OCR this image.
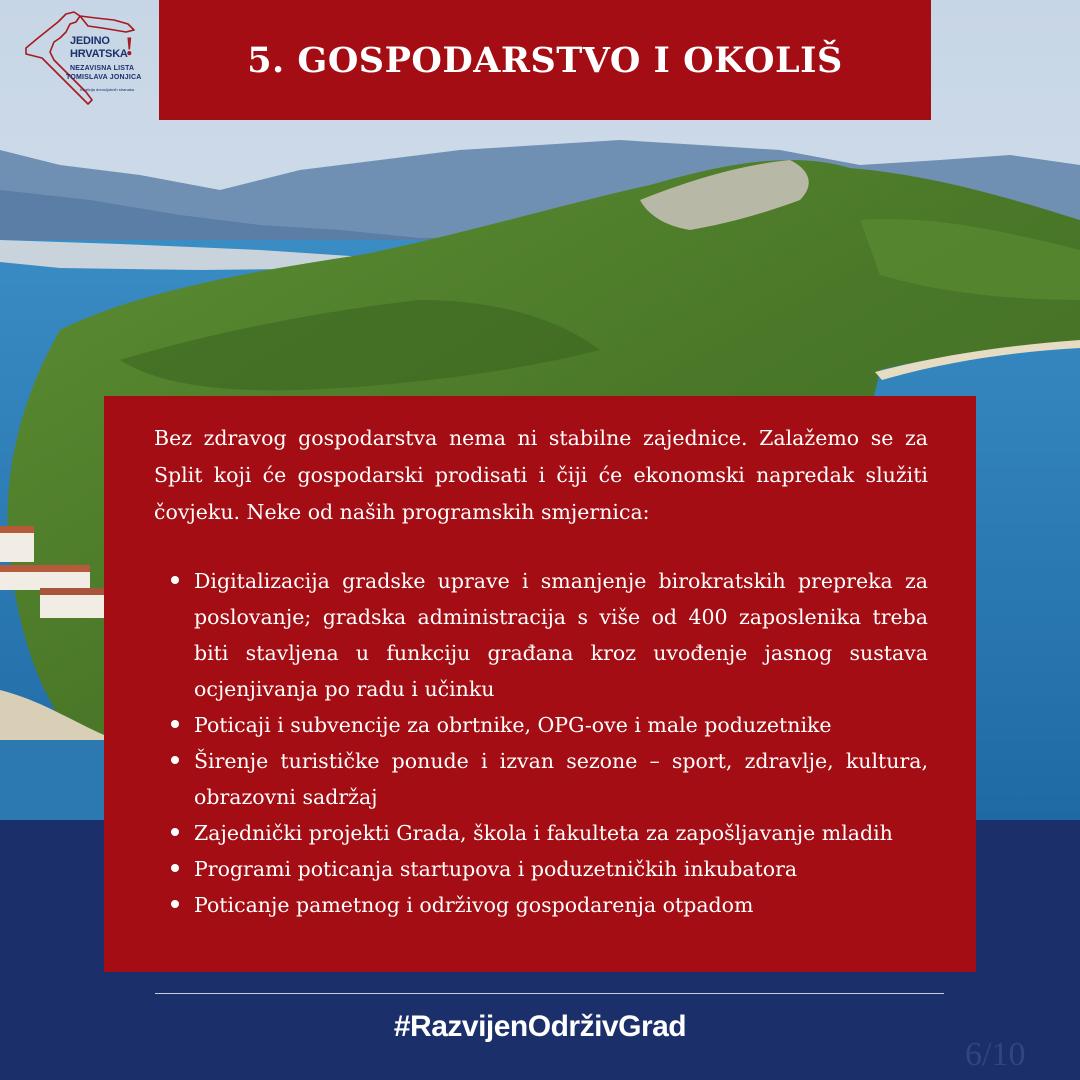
JEDINO
HRVATSKA
!
NEZAVISNA LISTA
TOMISLAVA JONJICA
Koalicija domoljubnih stranaka
5. GOSPODARSTVO I OKOLIŠ

Bez zdravog gospodarstva nema ni stabilne zajednice. Zalažemo se za Split koji će gospodarski prodisati i čiji će ekonomski napredak služiti čovjeku. Neke od naših programskih smjernica:

Digitalizacija gradske uprave i smanjenje birokratskih prepreka za poslovanje; gradska administracija s više od 400 zaposlenika treba biti stavljena u funkciju građana kroz uvođenje jasnog sustava ocjenjivanja po radu i učinku
Poticaji i subvencije za obrtnike, OPG-ove i male poduzetnike
Širenje turističke ponude i izvan sezone – sport, zdravlje, kultura, obrazovni sadržaj
Zajednički projekti Grada, škola i fakulteta za zapošljavanje mladih
Programi poticanja startupova i poduzetničkih inkubatora
Poticanje pametnog i održivog gospodarenja otpadom
#RazvijenOdrživGrad
6/10
